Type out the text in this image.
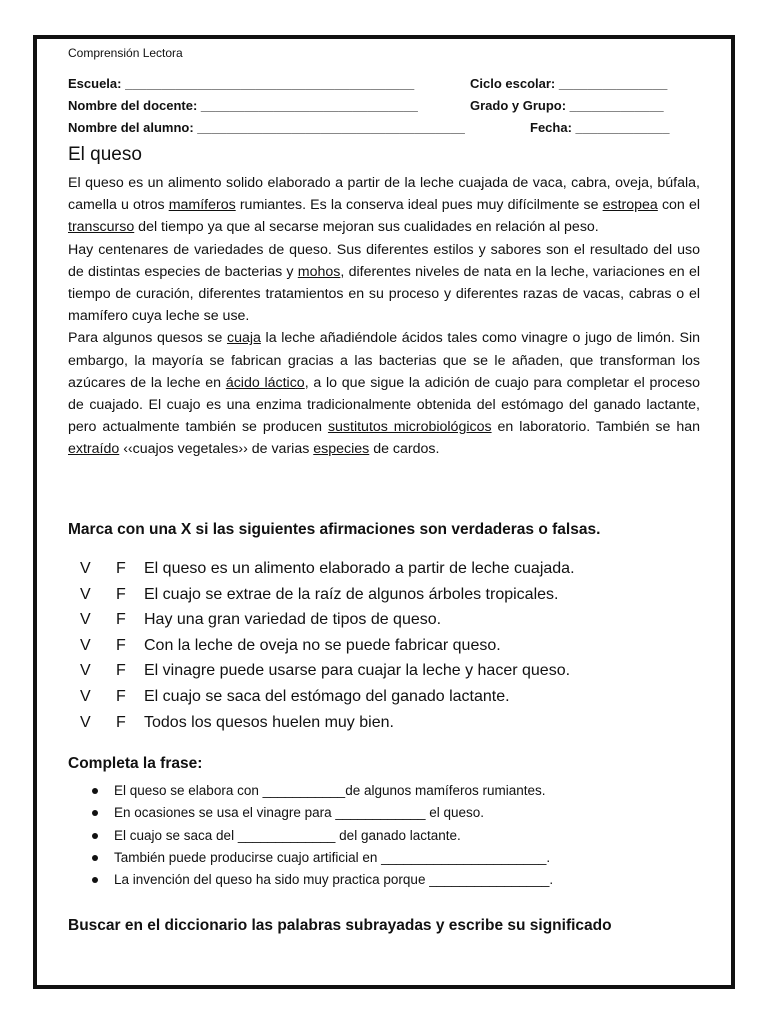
Comprensión Lectora
Escuela: ________________________________________	Ciclo escolar: _______________
Nombre del docente: ______________________________	Grado y Grupo: _____________
Nombre del alumno: _____________________________________	Fecha: _____________
El queso

El queso es un alimento solido elaborado a partir de la leche cuajada de vaca, cabra, oveja, búfala, camella u otros mamíferos rumiantes. Es la conserva ideal pues muy difícilmente se estropea con el transcurso del tiempo ya que al secarse mejoran sus cualidades en relación al peso.

Hay centenares de variedades de queso. Sus diferentes estilos y sabores son el resultado del uso de distintas especies de bacterias y mohos, diferentes niveles de nata en la leche, variaciones en el tiempo de curación, diferentes tratamientos en su proceso y diferentes razas de vacas, cabras o el mamífero cuya leche se use.

Para algunos quesos se cuaja la leche añadiéndole ácidos tales como vinagre o jugo de limón. Sin embargo, la mayoría se fabrican gracias a las bacterias que se le añaden, que transforman los azúcares de la leche en ácido láctico, a lo que sigue la adición de cuajo para completar el proceso de cuajado. El cuajo es una enzima tradicionalmente obtenida del estómago del ganado lactante, pero actualmente también se producen sustitutos microbiológicos en laboratorio. También se han extraído ‹‹cuajos vegetales›› de varias especies de cardos.

Marca con una X si las siguientes afirmaciones son verdaderas o falsas.
V F El queso es un alimento elaborado a partir de leche cuajada.
V F El cuajo se extrae de la raíz de algunos árboles tropicales.
V F Hay una gran variedad de tipos de queso.
V F Con la leche de oveja no se puede fabricar queso.
V F El vinagre puede usarse para cuajar la leche y hacer queso.
V F El cuajo se saca del estómago del ganado lactante.
V F Todos los quesos huelen muy bien.
Completa la frase:
El queso se elabora con ___________de algunos mamíferos rumiantes.
En ocasiones se usa el vinagre para ____________ el queso.
El cuajo se saca del _____________ del ganado lactante.
También puede producirse cuajo artificial en ______________________.
La invención del queso ha sido muy practica porque ________________.
Buscar en el diccionario las palabras subrayadas y escribe su significado
